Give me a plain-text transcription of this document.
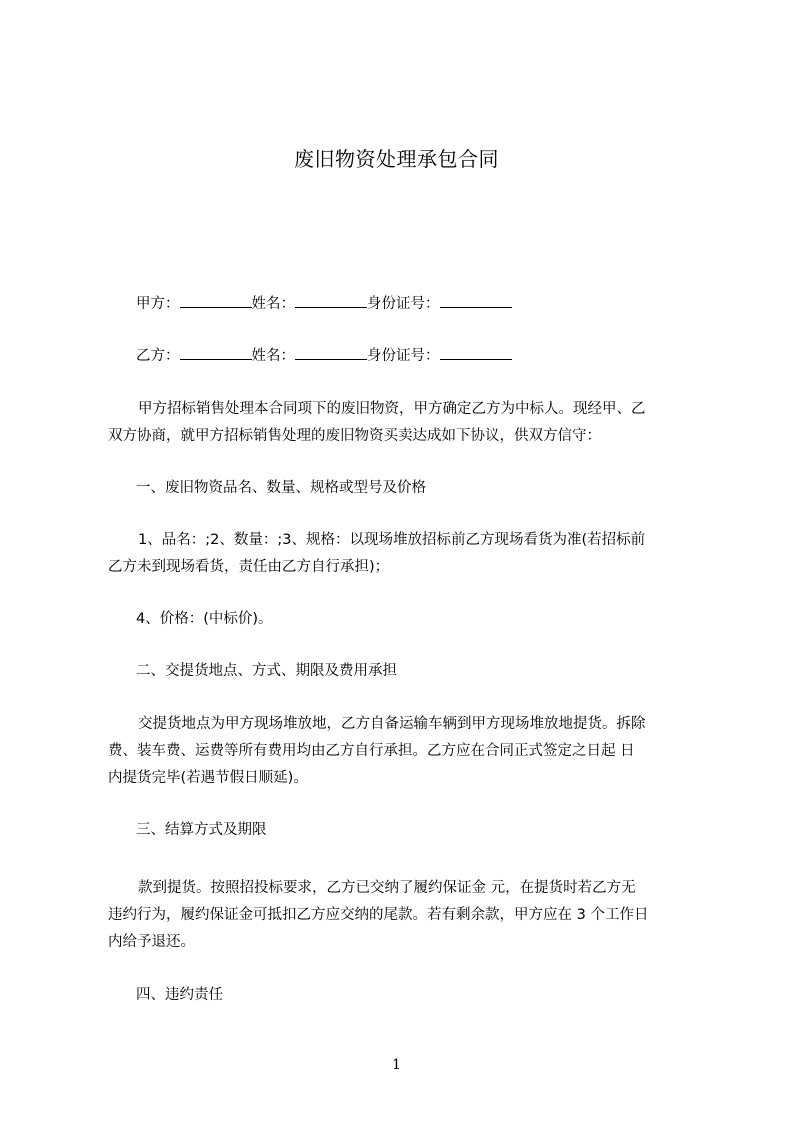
废旧物资处理承包合同
甲方：	姓名：	身份证号：
乙方：	姓名：	身份证号：
甲方招标销售处理本合同项下的废旧物资，甲方确定乙方为中标人。现经甲、乙
双方协商，就甲方招标销售处理的废旧物资买卖达成如下协议，供双方信守：
一、废旧物资品名、数量、规格或型号及价格
1、品名：;2、数量：;3、规格：以现场堆放招标前乙方现场看货为准(若招标前
乙方未到现场看货，责任由乙方自行承担)；
4、价格：(中标价)。
二、交提货地点、方式、期限及费用承担
交提货地点为甲方现场堆放地，乙方自备运输车辆到甲方现场堆放地提货。拆除
费、装车费、运费等所有费用均由乙方自行承担。乙方应在合同正式签定之日起 日
内提货完毕(若遇节假日顺延)。
三、结算方式及期限
款到提货。按照招投标要求，乙方已交纳了履约保证金 元，在提货时若乙方无
违约行为，履约保证金可抵扣乙方应交纳的尾款。若有剩余款，甲方应在 3 个工作日
内给予退还。
四、违约责任
1
